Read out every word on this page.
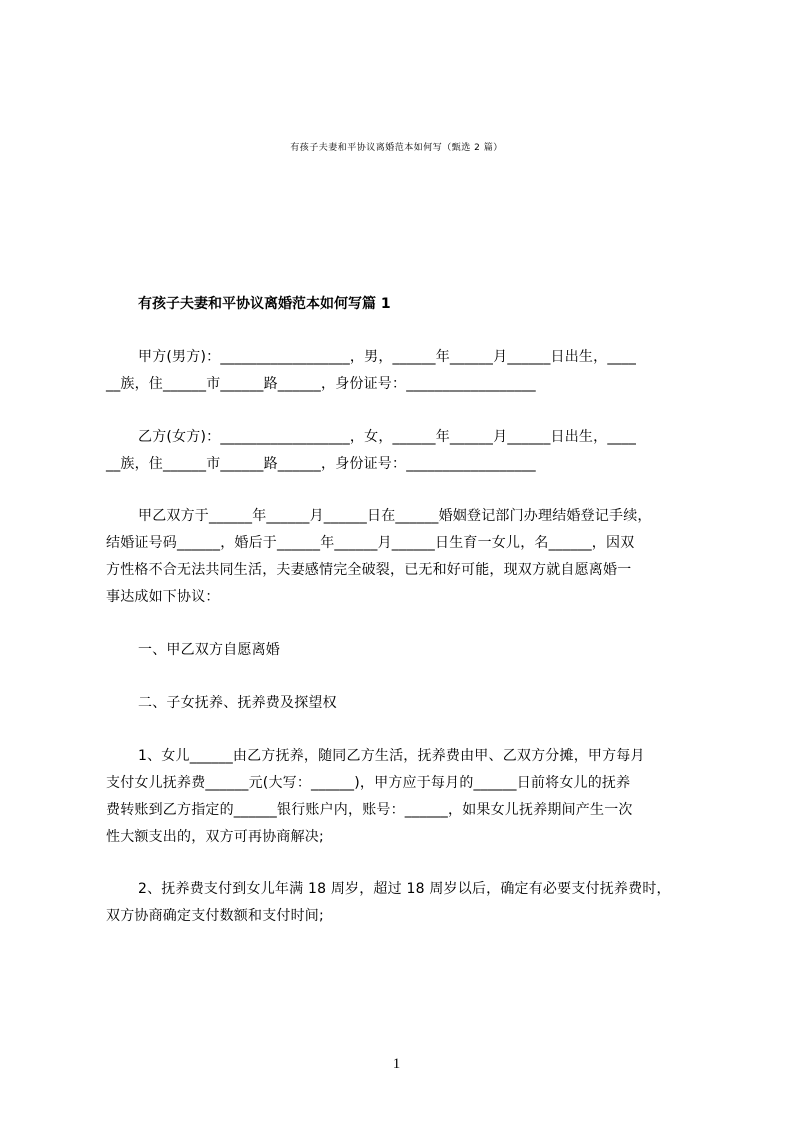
有孩子夫妻和平协议离婚范本如何写（甄选 2 篇）
有孩子夫妻和平协议离婚范本如何写篇 1
甲方(男方)：__________________，男，______年______月______日出生，____
__族，住______市______路______，身份证号：__________________
乙方(女方)：__________________，女，______年______月______日出生，____
__族，住______市______路______，身份证号：__________________
甲乙双方于______年______月______日在______婚姻登记部门办理结婚登记手续，
结婚证号码______，婚后于______年______月______日生育一女儿，名______，因双
方性格不合无法共同生活，夫妻感情完全破裂，已无和好可能，现双方就自愿离婚一
事达成如下协议：
一、甲乙双方自愿离婚
二、子女抚养、抚养费及探望权
1、女儿______由乙方抚养，随同乙方生活，抚养费由甲、乙双方分摊，甲方每月
支付女儿抚养费______元(大写：______)，甲方应于每月的______日前将女儿的抚养
费转账到乙方指定的______银行账户内，账号：______，如果女儿抚养期间产生一次
性大额支出的，双方可再协商解决;
2、抚养费支付到女儿年满 18 周岁，超过 18 周岁以后，确定有必要支付抚养费时，
双方协商确定支付数额和支付时间;
1
